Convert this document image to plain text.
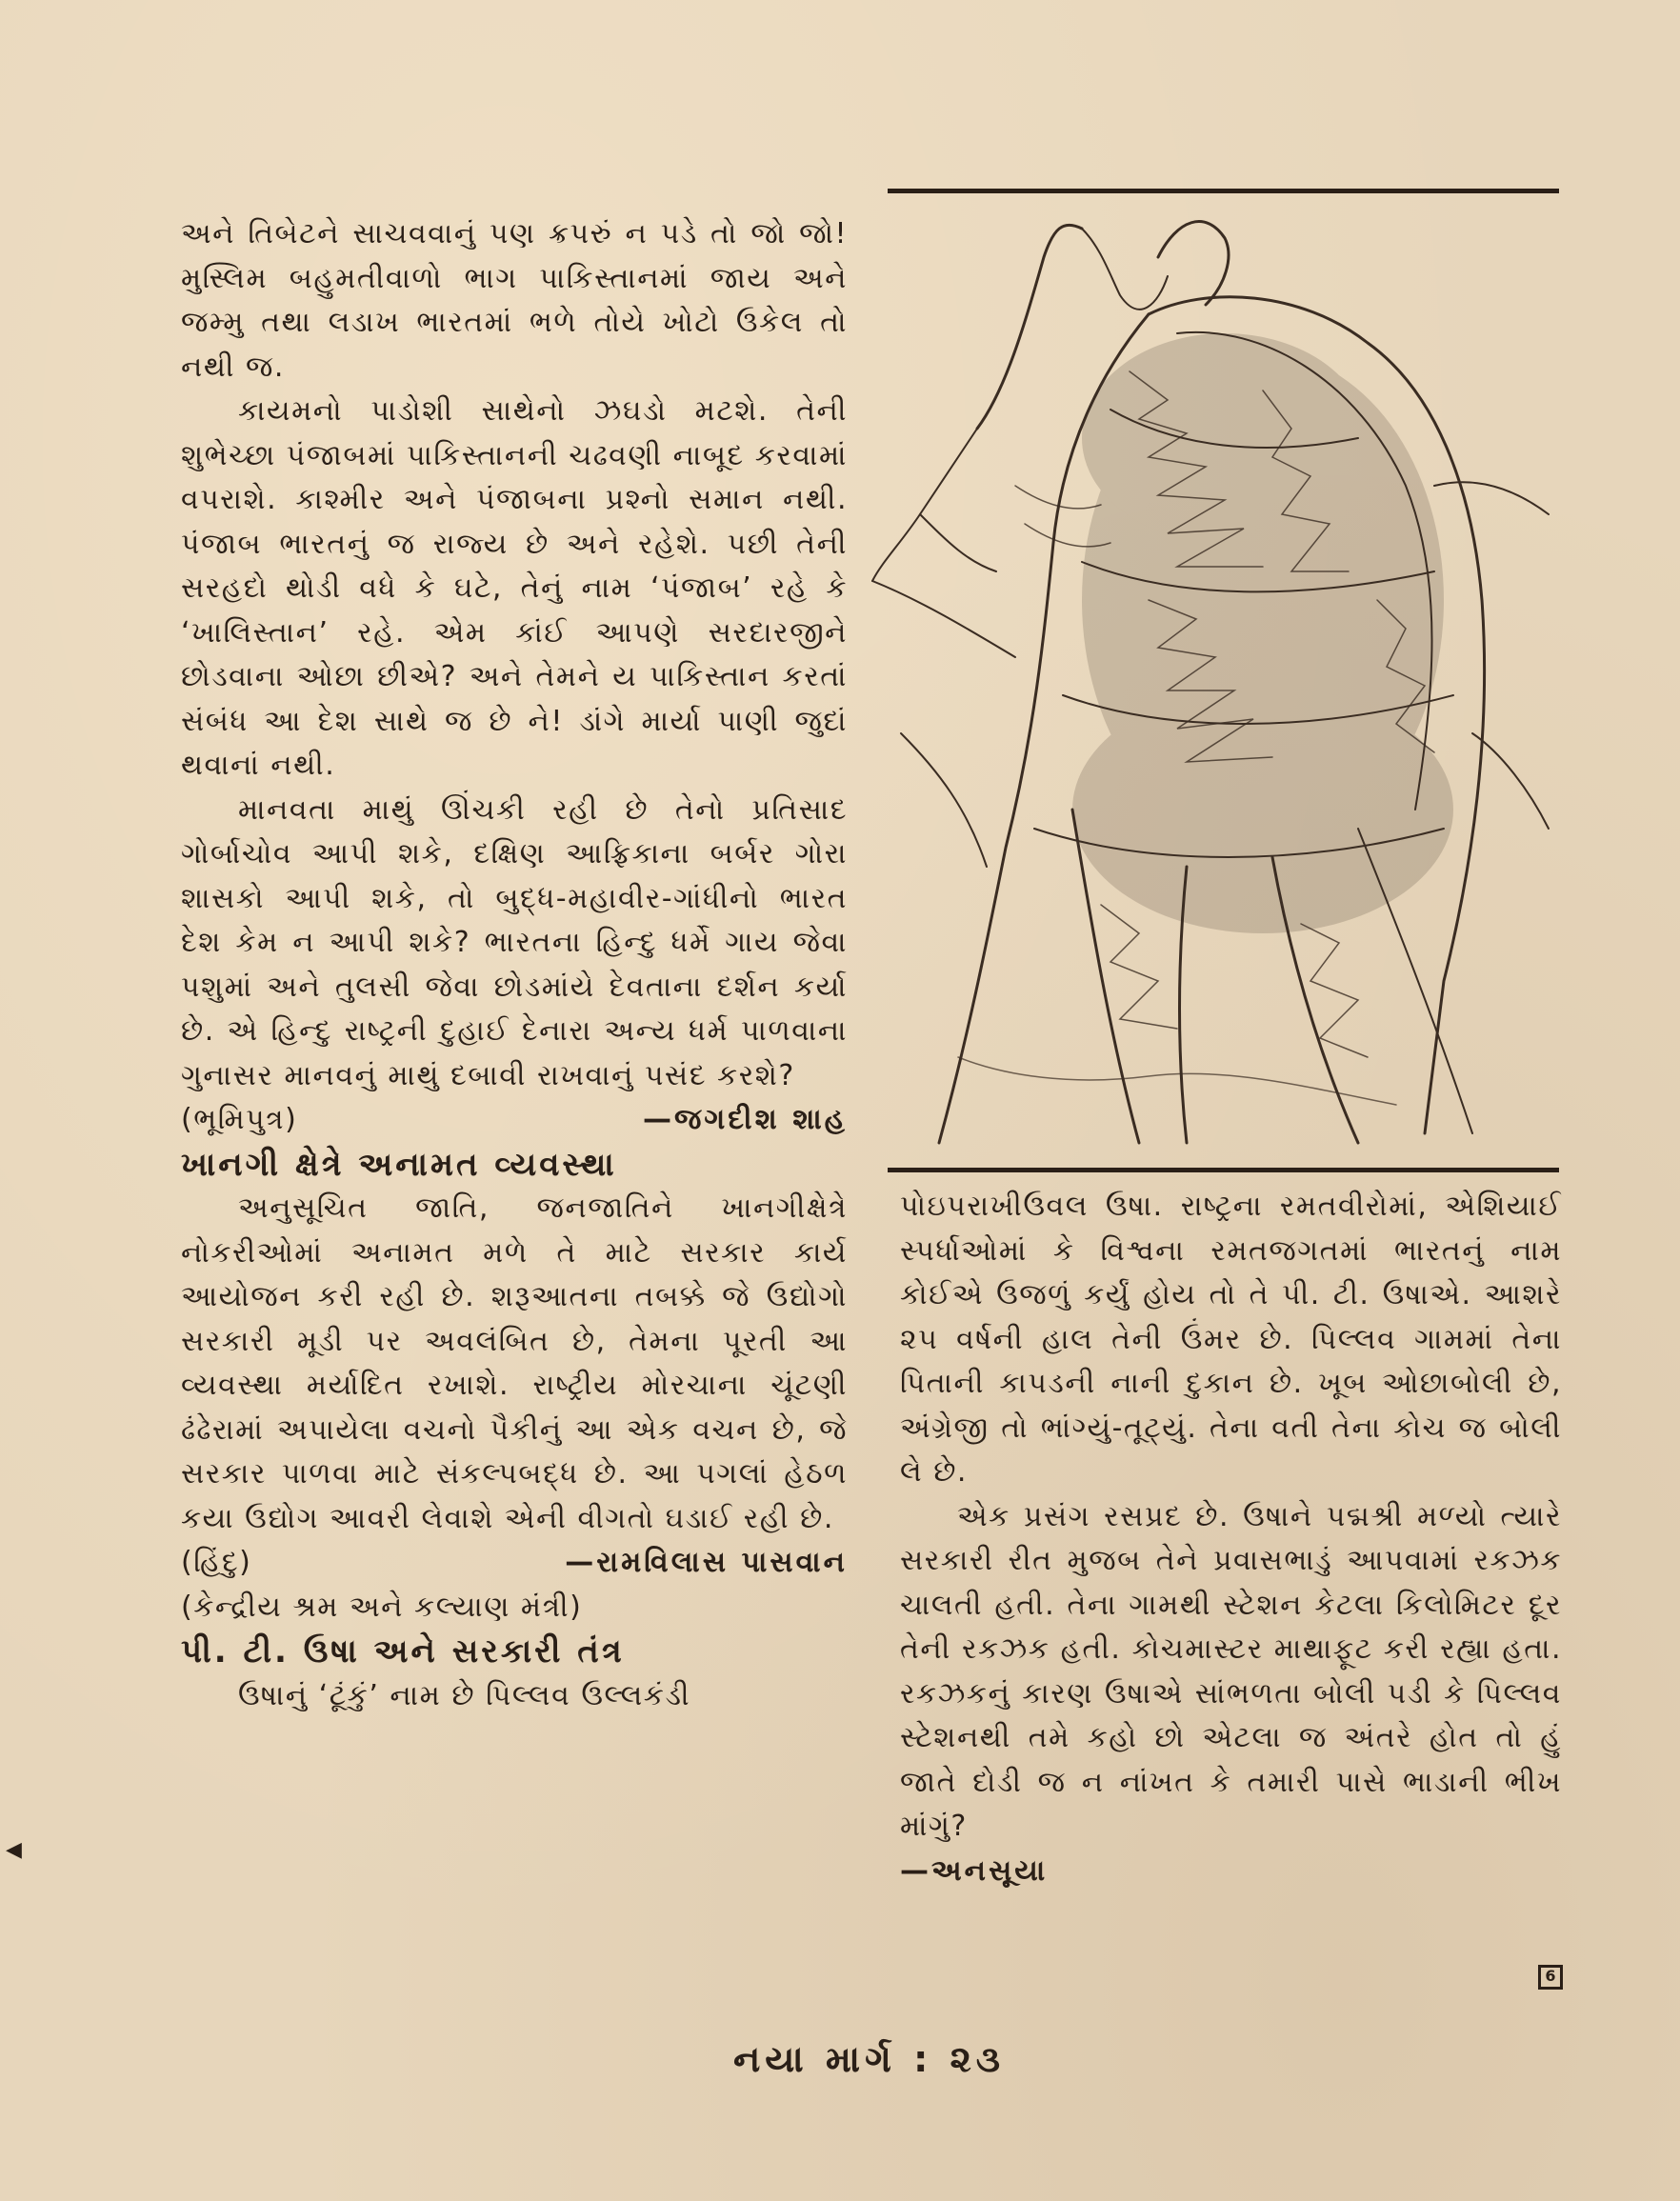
અને તિબેટને સાચવવાનું પણ ક્રપરું ન પડે તો જો જો! મુસ્લિમ બહુમતીવાળો ભાગ પાકિસ્તાનમાં જાય અને જમ્મુ તથા લડાખ ભારતમાં ભળે તોયે ખોટો ઉકેલ તો નથી જ.

કાયમનો પાડોશી સાથેનો ઝઘડો મટશે. તેની શુભેચ્છા પંજાબમાં પાકિસ્તાનની ચઢવણી નાબૂદ કરવામાં વપરાશે. કાશ્મીર અને પંજાબના પ્રશ્નો સમાન નથી. પંજાબ ભારતનું જ રાજ્ય છે અને રહેશે. પછી તેની સરહદો થોડી વધે કે ઘટે, તેનું નામ ‘પંજાબ’ રહે કે ‘ખાલિસ્તાન’ રહે. એમ કાંઈ આપણે સરદારજીને છોડવાના ઓછા છીએ? અને તેમને ય પાકિસ્તાન કરતાં સંબંધ આ દેશ સાથે જ છે ને! ડાંગે માર્યા પાણી જુદાં થવાનાં નથી.

માનવતા માથું ઊંચકી રહી છે તેનો પ્રતિસાદ ગોર્બાચોવ આપી શકે, દક્ષિણ આફ્રિકાના બર્બર ગોરા શાસકો આપી શકે, તો બુદ્ધ-મહાવીર-ગાંધીનો ભારત દેશ કેમ ન આપી શકે? ભારતના હિન્દુ ધર્મે ગાય જેવા પશુમાં અને તુલસી જેવા છોડમાંયે દેવતાના દર્શન કર્યા છે. એ હિન્દુ રાષ્ટ્રની દુહાઈ દેનારા અન્ય ધર્મ પાળવાના ગુનાસર માનવનું માથું દબાવી રાખવાનું પસંદ કરશે?

(ભૂમિપુત્ર)	—જગદીશ શાહ

ખાનગી ક્ષેત્રે અનામત વ્યવસ્થા

અનુસૂચિત જાતિ, જનજાતિને ખાનગીક્ષેત્રે નોકરીઓમાં અનામત મળે તે માટે સરકાર કાર્ય આયોજન કરી રહી છે. શરૂઆતના તબક્કે જે ઉદ્યોગો સરકારી મૂડી પર અવલંબિત છે, તેમના પૂરતી આ વ્યવસ્થા મર્યાદિત રખાશે. રાષ્ટ્રીય મોરચાના ચૂંટણી ઢંઢેરામાં અપાયેલા વચનો પૈકીનું આ એક વચન છે, જે સરકાર પાળવા માટે સંકલ્પબદ્ધ છે. આ પગલાં હેઠળ કયા ઉદ્યોગ આવરી લેવાશે એની વીગતો ઘડાઈ રહી છે.

(હિંદુ)	—રામવિલાસ પાસવાન

(કેન્દ્રીય શ્રમ અને કલ્યાણ મંત્રી)

પી. ટી. ઉષા અને સરકારી તંત્ર

ઉષાનું ‘ટૂંકું’ નામ છે પિલ્લવ ઉલ્લકંડી

પોઇપરાખીઉવલ ઉષા. રાષ્ટ્રના રમતવીરોમાં, એશિયાઈ સ્પર્ધાઓમાં કે વિશ્વના રમતજગતમાં ભારતનું નામ કોઈએ ઉજળું કર્યું હોય તો તે પી. ટી. ઉષાએ. આશરે ૨૫ વર્ષની હાલ તેની ઉંમર છે. પિલ્લવ ગામમાં તેના પિતાની કાપડની નાની દુકાન છે. ખૂબ ઓછાબોલી છે, અંગ્રેજી તો ભાંગ્યું-તૂટ્યું. તેના વતી તેના કોચ જ બોલી લે છે.

એક પ્રસંગ રસપ્રદ છે. ઉષાને પદ્મશ્રી મળ્યો ત્યારે સરકારી રીત મુજબ તેને પ્રવાસભાડું આપવામાં રકઝક ચાલતી હતી. તેના ગામથી સ્ટેશન કેટલા કિલોમિટર દૂર તેની રકઝક હતી. કોચમાસ્ટર માથાફૂટ કરી રહ્યા હતા. રકઝકનું કારણ ઉષાએ સાંભળતા બોલી પડી કે પિલ્લવ સ્ટેશનથી તમે કહો છો એટલા જ અંતરે હોત તો હું જાતે દોડી જ ન નાંખત કે તમારી પાસે ભાડાની ભીખ માંગું?

—અનસૂયા

6
◀
નયા માર્ગ : ૨૩
